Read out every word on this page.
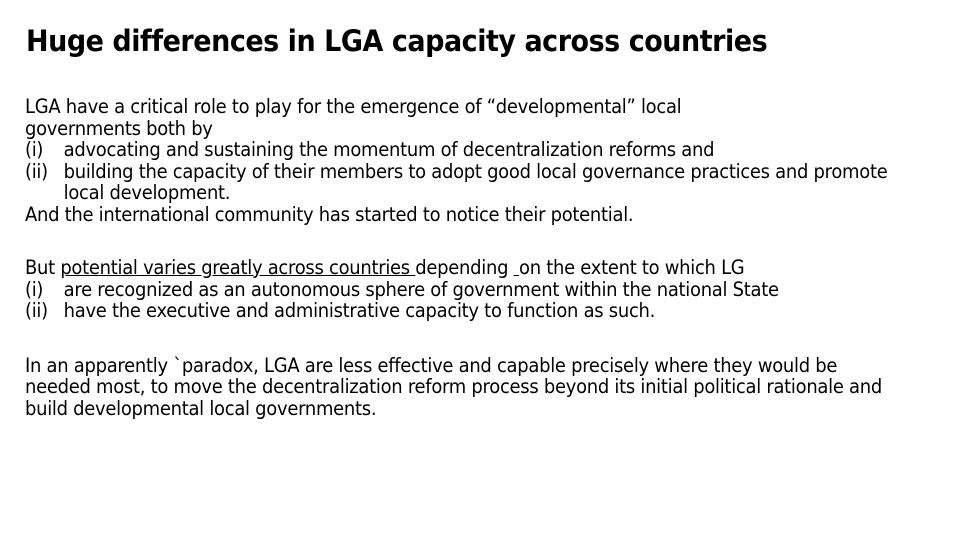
Huge differences in LGA capacity across countries

LGA have a critical role to play for the emergence of “developmental” local

governments both by

(i)	advocating and sustaining the momentum of decentralization reforms and
(ii) building the capacity of their members to adopt good local governance practices and promote local development.

And the international community has started to notice their potential.

But potential varies greatly across countries depending  on the extent to which LG

(i)	are recognized as an autonomous sphere of government within the national State
(ii) have the executive and administrative capacity to function as such.

In an apparently `paradox, LGA are less effective and capable precisely where they would be needed most, to move the decentralization reform process beyond its initial political rationale and build developmental local governments.
